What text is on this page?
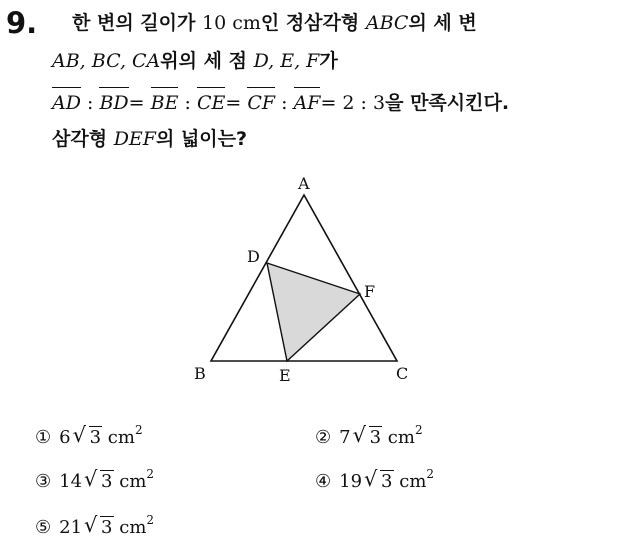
9. 한 변의 길이가 10 cm인 정삼각형 ABC의 세 변
AB, BC, CA위의 세 점 D, E, F가
AD : BD= BE : CE= CF : AF= 2 : 3을 만족시킨다.
삼각형 DEF의 넓이는?
A
B	C
D
E
F
① 6 √ 3 $cm^2$	② 7 √ 3 $cm^2$
③ 14 √ 3 $cm^2$	④ 19 √ 3 $cm^2$
⑤ 21 √ 3 $cm^2$
